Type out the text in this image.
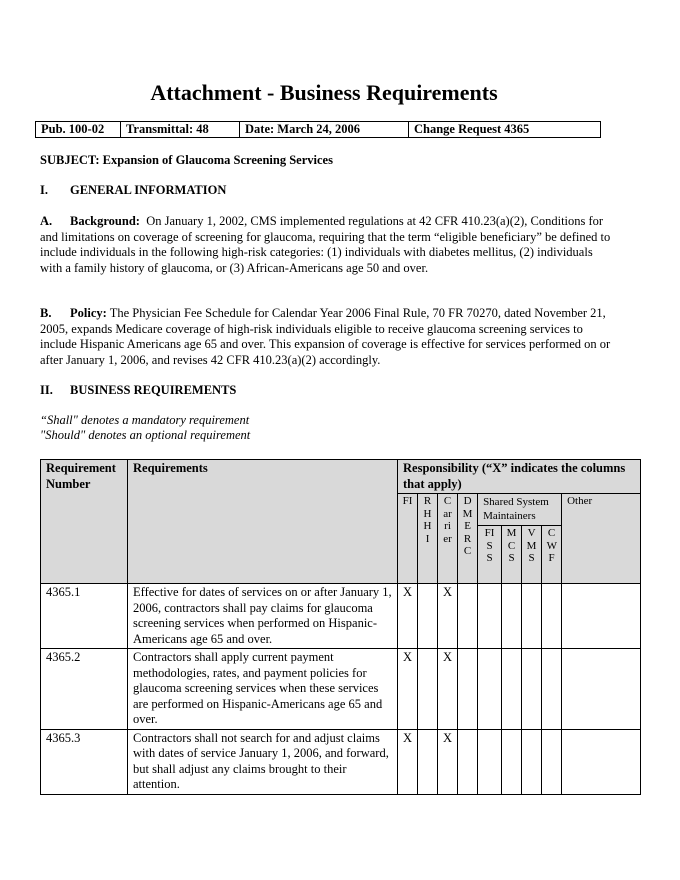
Attachment - Business Requirements
Pub. 100-02	Transmittal: 48	Date: March 24, 2006	Change Request 4365

SUBJECT: Expansion of Glaucoma Screening Services

I. GENERAL INFORMATION

A. Background: On January 1, 2002, CMS implemented regulations at 42 CFR 410.23(a)(2), Conditions for and limitations on coverage of screening for glaucoma, requiring that the term “eligible beneficiary” be defined to include individuals in the following high-risk categories: (1) individuals with diabetes mellitus, (2) individuals with a family history of glaucoma, or (3) African-Americans age 50 and over.

B. Policy: The Physician Fee Schedule for Calendar Year 2006 Final Rule, 70 FR 70270, dated November 21, 2005, expands Medicare coverage of high-risk individuals eligible to receive glaucoma screening services to include Hispanic Americans age 65 and over. This expansion of coverage is effective for services performed on or after January 1, 2006, and revises 42 CFR 410.23(a)(2) accordingly.

II. BUSINESS REQUIREMENTS

“Shall" denotes a mandatory requirement

"Should" denotes an optional requirement

Requirement Number	Requirements	Responsibility (“X” indicates the columns that apply)								

		FI	RHHI	Carrier	DMERC	Shared System Maintainers				Other

						FISS	MCS	VMS	CWF	

4365.1	Effective for dates of services on or after January 1, 2006, contractors shall pay claims for glaucoma screening services when performed on Hispanic-Americans age 65 and over.	X		X						
4365.2	Contractors shall apply current payment methodologies, rates, and payment policies for glaucoma screening services when these services are performed on Hispanic-Americans age 65 and over.	X		X						
4365.3	Contractors shall not search for and adjust claims with dates of service January 1, 2006, and forward, but shall adjust any claims brought to their attention.	X		X						
